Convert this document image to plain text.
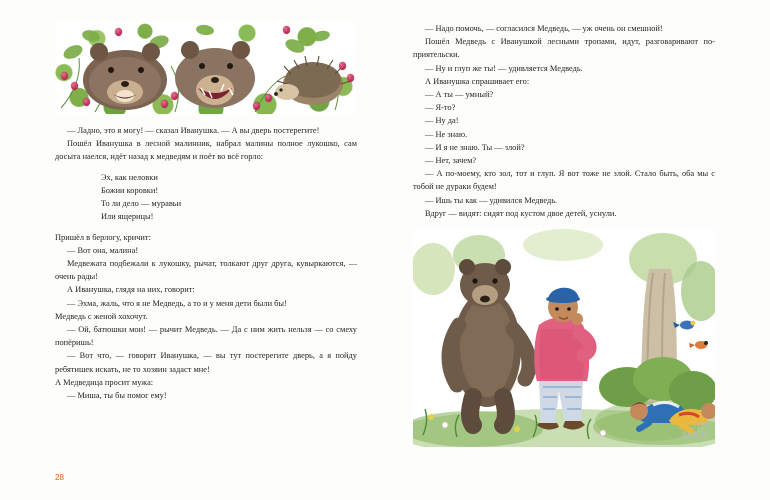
— Ладно, это я могу! — сказал Иванушка. — А вы дверь постерегите!

Пошёл Иванушка в лесной малинник, набрал малины полное лукошко, сам досыта наелся, идёт назад к медведям и поёт во всё горло:

Эх, как неловки
Божии коровки!
То ли дело — муравьи
Или ящерицы!

Пришёл в берлогу, кричит:

— Вот она, малина!

Медвежата подбежали к лукошку, рычат, толкают друг друга, кувыркаются, — очень рады!

А Иванушка, глядя на них, говорит:

— Эхма, жаль, что я не Медведь, а то и у меня дети были бы!

Медведь с женой хохочут.

— Ой, батюшки мои! — рычит Медведь. — Да с ним жить нельзя — со смеху попёришь!

— Вот что, — говорит Иванушка, — вы тут постерегите дверь, а я пойду ребятишек искать, не то хозяин задаст мне!

А Медведица просит мужа:

— Миша, ты бы помог ему!

28

— Надо помочь, — согласился Медведь, — уж очень он смешной!

Пошёл Медведь с Иванушкой лесными тропами, идут, разговаривают по-приятельски.

— Ну и глуп же ты! — удивляется Медведь.

А Иванушка спрашивает его:

— А ты — умный?

— Я-то?

— Ну да!

— Не знаю.

— И я не знаю. Ты — злой?

— Нет, зачем?

— А по-моему, кто зол, тот и глуп. Я вот тоже не злой. Стало быть, оба мы с тобой не дураки будем!

— Ишь ты как — удивился Медведь.

Вдруг — видят: сидят под кустом двое детей, уснули.

ЛЯ
МАМ
